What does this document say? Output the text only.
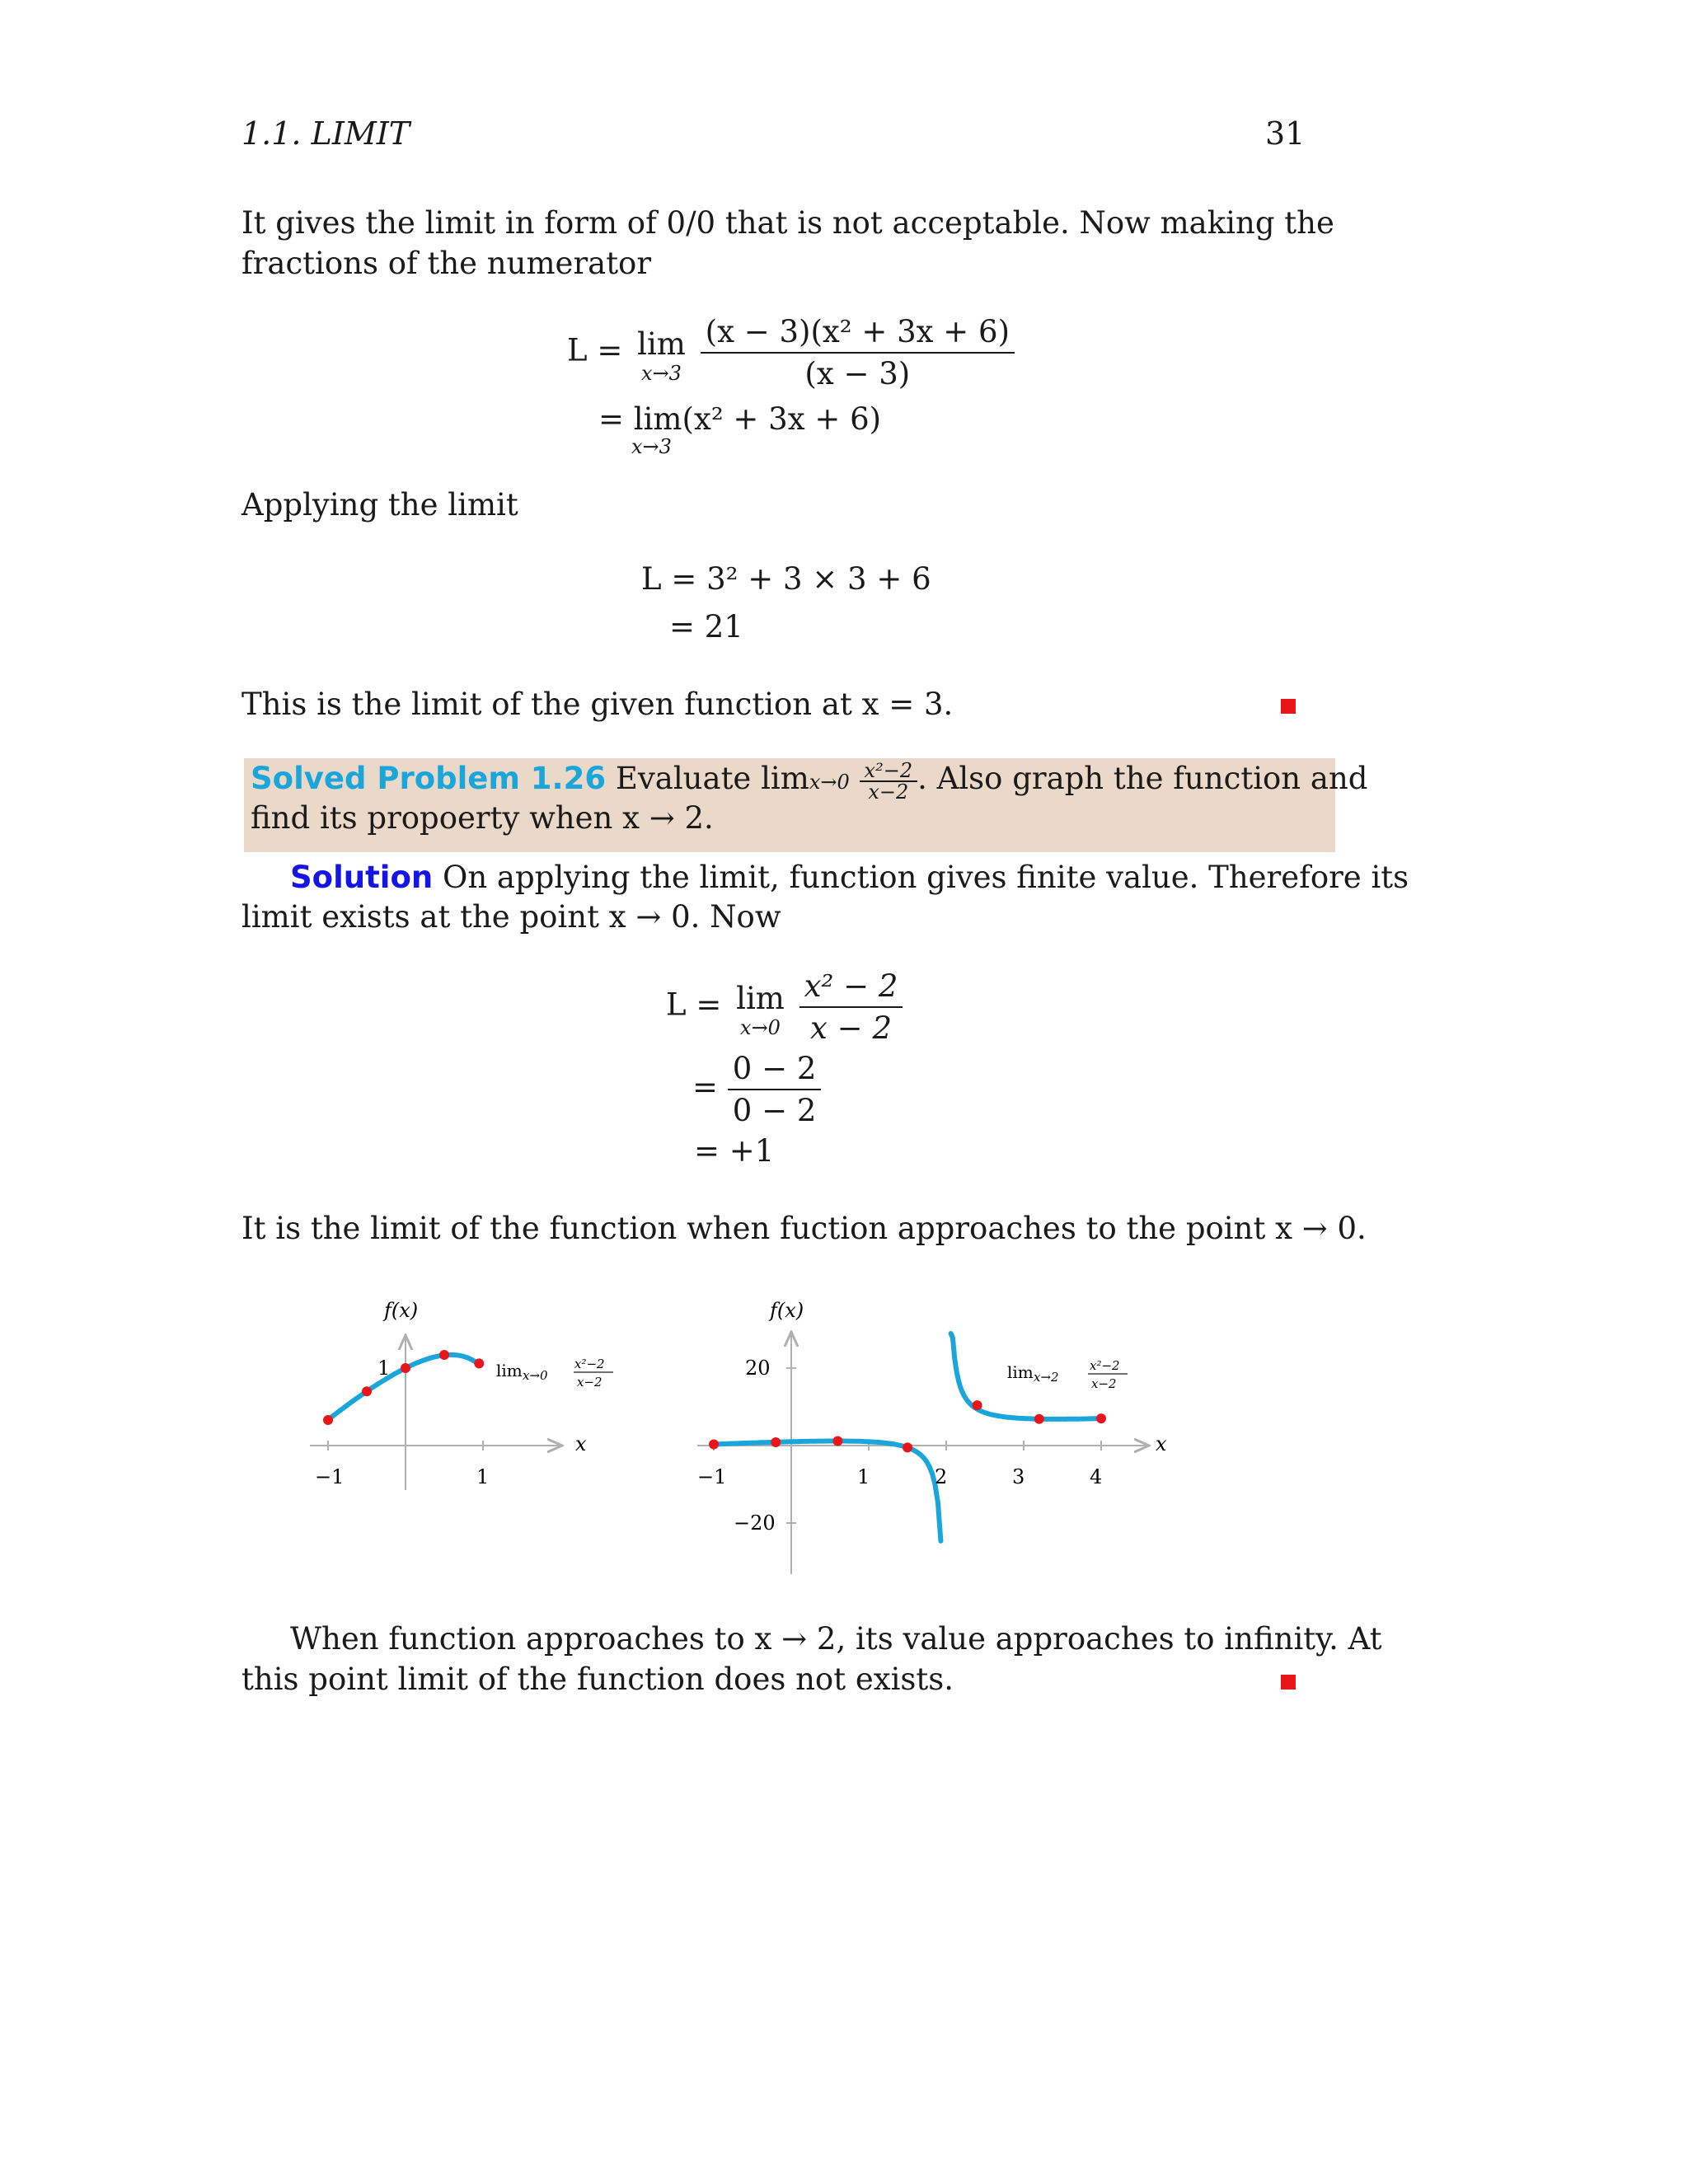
1.1. LIMIT	31
It gives the limit in form of 0/0 that is not acceptable. Now making the
fractions of the numerator
L = lim
x→3
$\frac{\text{(x − 3)(x² + 3x + 6)}}{(x - 3)}$
= lim(x² + 3x + 6)
x→3
Applying the limit
L = 3² + 3 × 3 + 6
= 21
This is the limit of the given function at x = 3.
Solved Problem 1.26 Evaluate $\lim x\to 0 \frac{\text{x²−2}}{x-2}$ . Also graph the function and
find its propoerty when x → 2.
Solution On applying the limit, function gives finite value. Therefore its
limit exists at the point x → 0. Now
L = lim
x→0
$\frac{\text{x² − 2}}{x - 2}$
= $\frac{0 - 2}{0 - 2}$
= +1
It is the limit of the function when fuction approaches to the point x → 0.
f(x)
x
−1	1
1	lim x→0
x²−2
x−2
f(x)
x
−1	1	2	3	4
20
−20
lim x→2
x²−2
x−2
When function approaches to x → 2, its value approaches to infinity. At
this point limit of the function does not exists.
